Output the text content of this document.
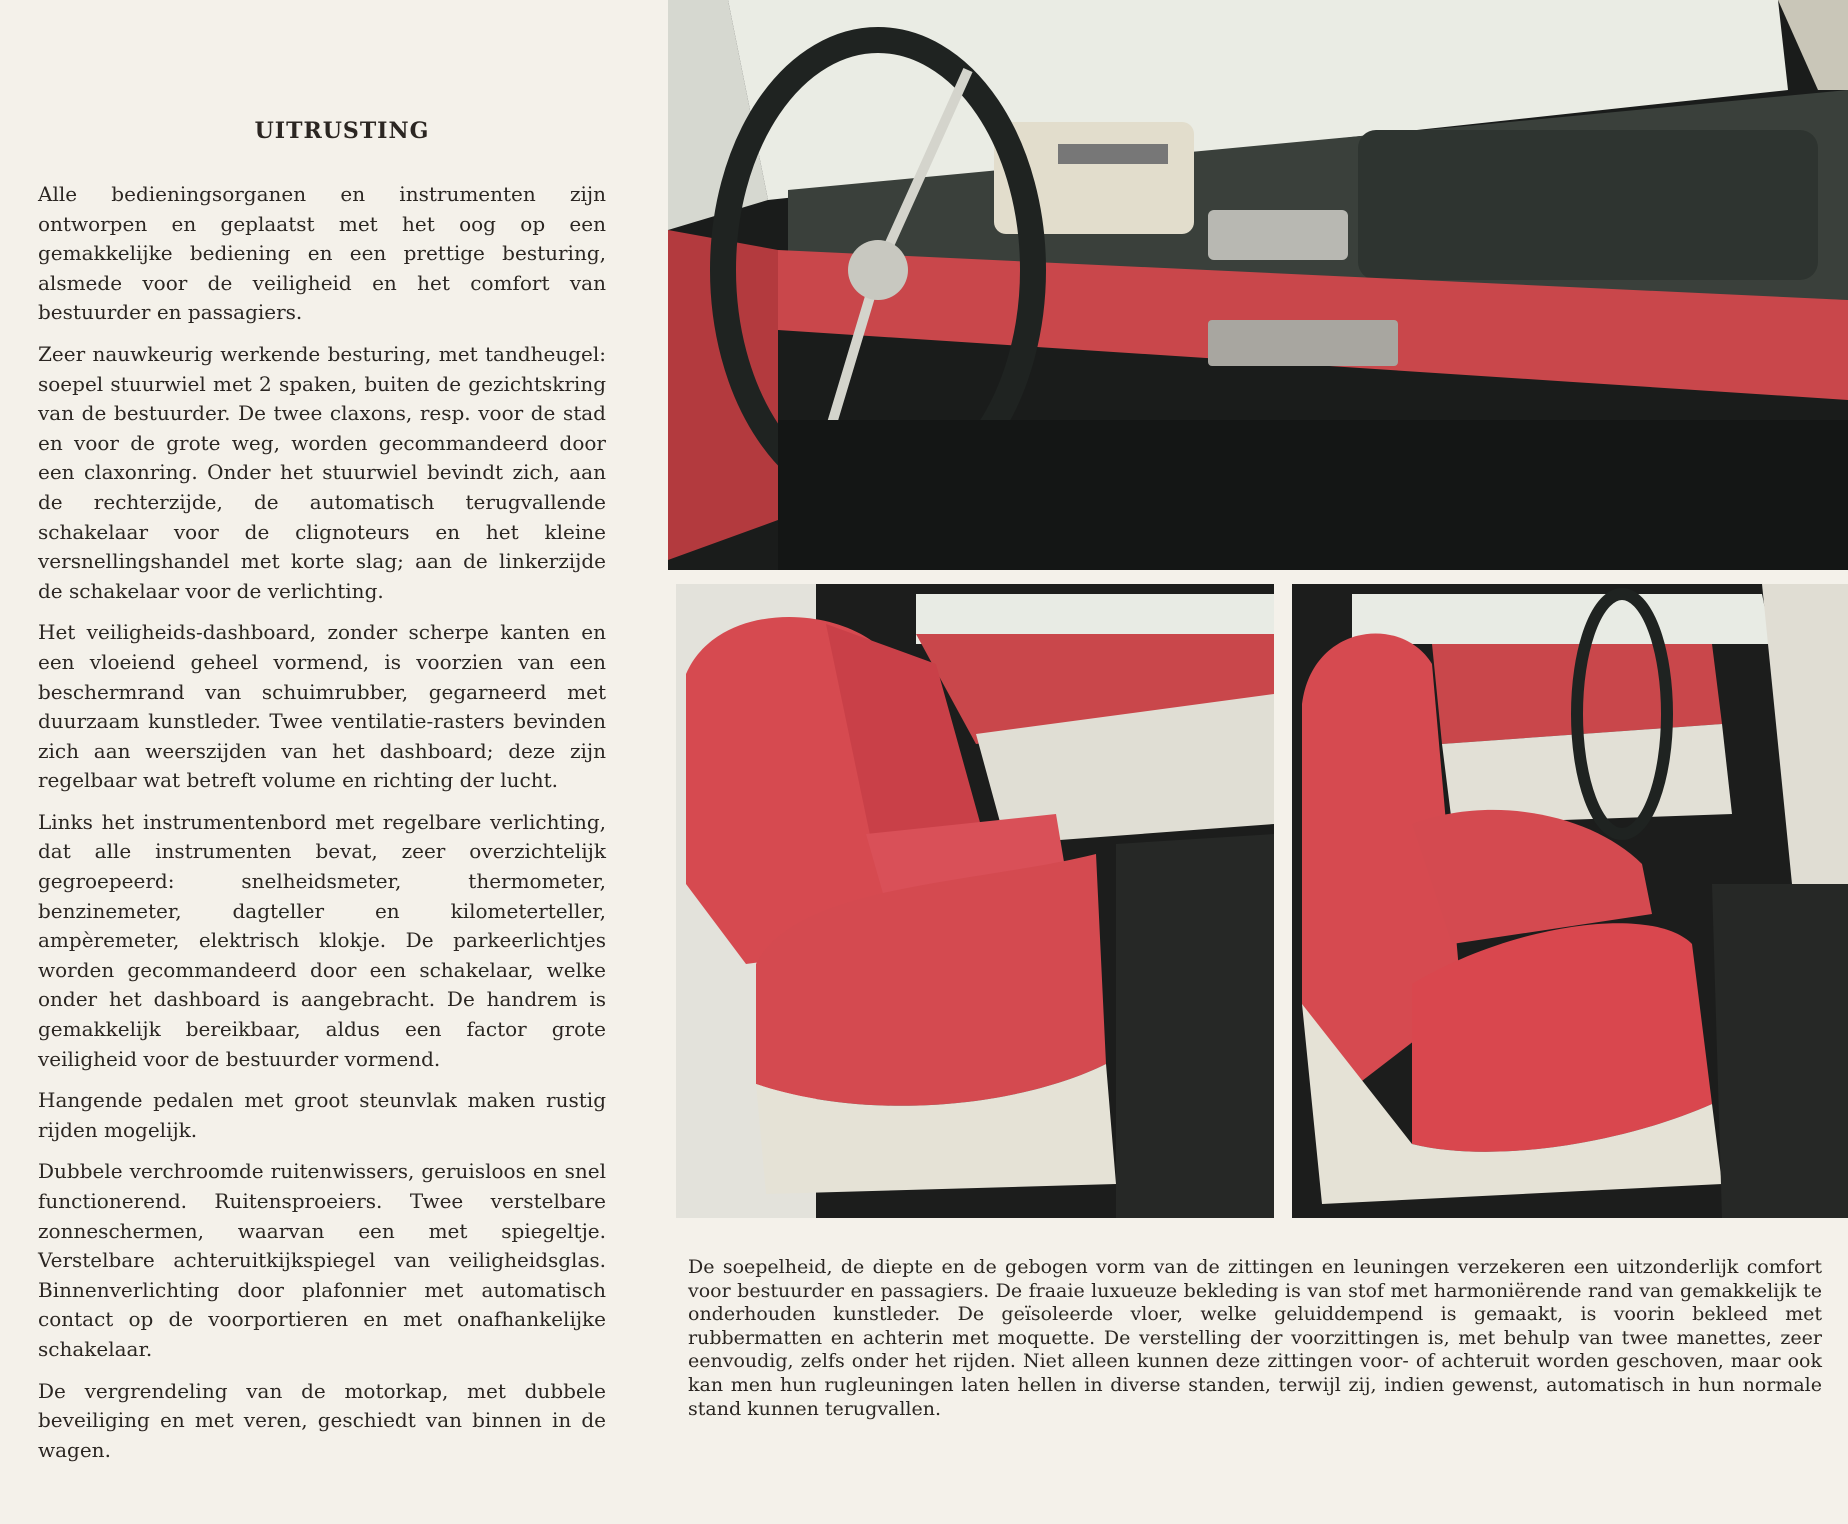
UITRUSTING

Alle bedieningsorganen en instrumenten zijn ontworpen en geplaatst met het oog op een gemakkelijke bediening en een prettige besturing, alsmede voor de veiligheid en het comfort van bestuurder en passagiers.

Zeer nauwkeurig werkende besturing, met tandheugel: soepel stuurwiel met 2 spaken, buiten de gezichtskring van de bestuurder. De twee claxons, resp. voor de stad en voor de grote weg, worden gecommandeerd door een claxonring. Onder het stuurwiel bevindt zich, aan de rechterzijde, de automatisch terugvallende schakelaar voor de clignoteurs en het kleine versnellingshandel met korte slag; aan de linkerzijde de schakelaar voor de verlichting.

Het veiligheids-dashboard, zonder scherpe kanten en een vloeiend geheel vormend, is voorzien van een beschermrand van schuimrubber, gegarneerd met duurzaam kunstleder. Twee ventilatie-rasters bevinden zich aan weerszijden van het dashboard; deze zijn regelbaar wat betreft volume en richting der lucht.

Links het instrumentenbord met regelbare verlichting, dat alle instrumenten bevat, zeer overzichtelijk gegroepeerd: snelheidsmeter, thermometer, benzinemeter, dagteller en kilometerteller, ampèremeter, elektrisch klokje. De parkeerlichtjes worden gecommandeerd door een schakelaar, welke onder het dashboard is aangebracht. De handrem is gemakkelijk bereikbaar, aldus een factor grote veiligheid voor de bestuurder vormend.

Hangende pedalen met groot steunvlak maken rustig rijden mogelijk.

Dubbele verchroomde ruitenwissers, geruisloos en snel functionerend. Ruitensproeiers. Twee verstelbare zonneschermen, waarvan een met spiegeltje. Verstelbare achteruitkijkspiegel van veiligheidsglas. Binnenverlichting door plafonnier met automatisch contact op de voorportieren en met onafhankelijke schakelaar.

De vergrendeling van de motorkap, met dubbele beveiliging en met veren, geschiedt van binnen in de wagen.

De soepelheid, de diepte en de gebogen vorm van de zittingen en leuningen verzekeren een uitzonderlijk comfort voor bestuurder en passagiers. De fraaie luxueuze bekleding is van stof met harmoniërende rand van gemakkelijk te onderhouden kunstleder. De geïsoleerde vloer, welke geluiddempend is gemaakt, is voorin bekleed met rubbermatten en achterin met moquette. De verstelling der voorzittingen is, met behulp van twee manettes, zeer eenvoudig, zelfs onder het rijden. Niet alleen kunnen deze zittingen voor- of achteruit worden geschoven, maar ook kan men hun rugleuningen laten hellen in diverse standen, terwijl zij, indien gewenst, automatisch in hun normale stand kunnen terugvallen.
